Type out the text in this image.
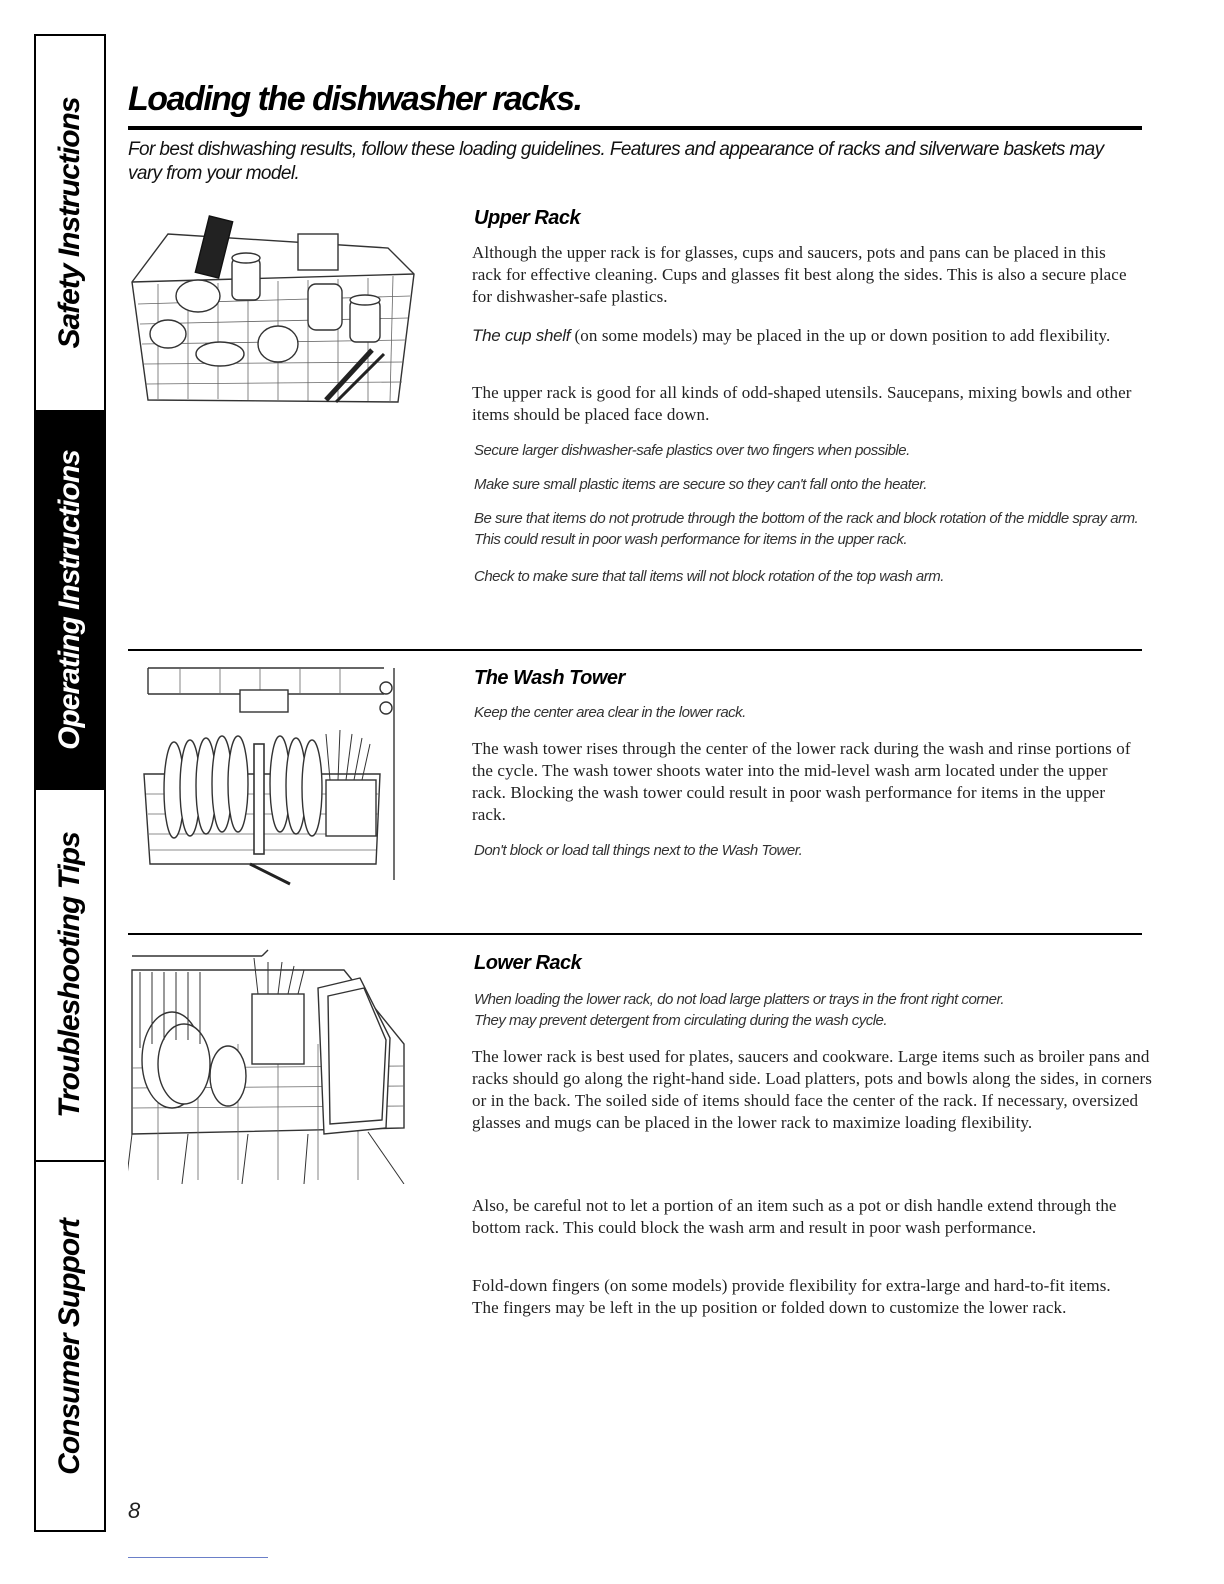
Safety Instructions
Operating Instructions
Troubleshooting Tips
Consumer Support
Loading the dishwasher racks.

For best dishwashing results, follow these loading guidelines. Features and appearance of racks and silverware baskets may vary from your model.

Upper Rack

Although the upper rack is for glasses, cups and saucers, pots and pans can be placed in this rack for effective cleaning. Cups and glasses fit best along the sides. This is also a secure place for dishwasher-safe plastics.

The cup shelf (on some models) may be placed in the up or down position to add flexibility.

The upper rack is good for all kinds of odd-shaped utensils. Saucepans, mixing bowls and other items should be placed face down.

Secure larger dishwasher-safe plastics over two fingers when possible.

Make sure small plastic items are secure so they can't fall onto the heater.

Be sure that items do not protrude through the bottom of the rack and block rotation of the middle spray arm. This could result in poor wash performance for items in the upper rack.

Check to make sure that tall items will not block rotation of the top wash arm.

The Wash Tower

Keep the center area clear in the lower rack.

The wash tower rises through the center of the lower rack during the wash and rinse portions of the cycle. The wash tower shoots water into the mid-level wash arm located under the upper rack. Blocking the wash tower could result in poor wash performance for items in the upper rack.

Don't block or load tall things next to the Wash Tower.

Lower Rack

When loading the lower rack, do not load large platters or trays in the front right corner. They may prevent detergent from circulating during the wash cycle.

The lower rack is best used for plates, saucers and cookware. Large items such as broiler pans and racks should go along the right-hand side. Load platters, pots and bowls along the sides, in corners or in the back. The soiled side of items should face the center of the rack. If necessary, oversized glasses and mugs can be placed in the lower rack to maximize loading flexibility.

Also, be careful not to let a portion of an item such as a pot or dish handle extend through the bottom rack. This could block the wash arm and result in poor wash performance.

Fold-down fingers (on some models) provide flexibility for extra-large and hard-to-fit items. The fingers may be left in the up position or folded down to customize the lower rack.

8
